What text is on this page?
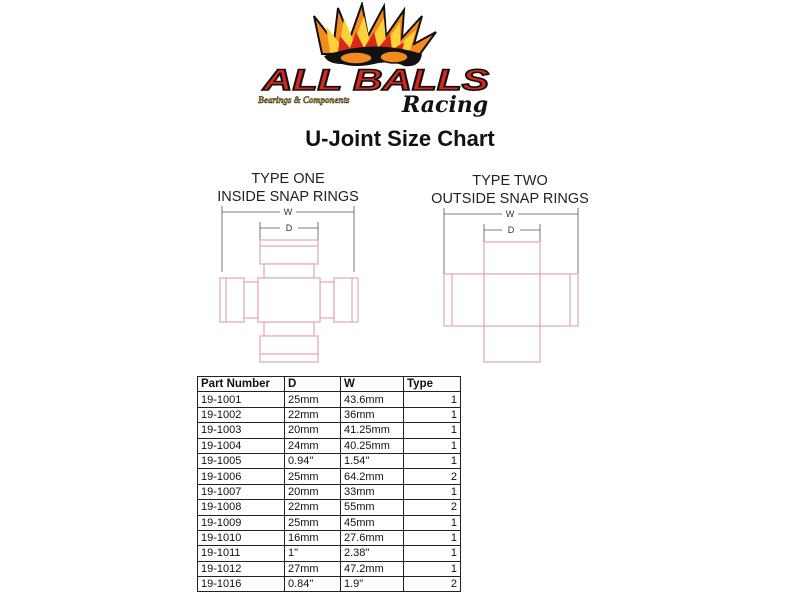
ALL BALLS
Bearings & Components Racing
U-Joint Size Chart
TYPE ONE
INSIDE SNAP RINGS
TYPE TWO
OUTSIDE SNAP RINGS
W
D
W
D
Part Number	D	W	Type
19-1001	25mm	43.6mm	1
19-1002	22mm	36mm	1
19-1003	20mm	41.25mm	1
19-1004	24mm	40.25mm	1
19-1005	0.94"	1.54"	1
19-1006	25mm	64.2mm	2
19-1007	20mm	33mm	1
19-1008	22mm	55mm	2
19-1009	25mm	45mm	1
19-1010	16mm	27.6mm	1
19-1011	1"	2.38"	1
19-1012	27mm	47.2mm	1
19-1016	0.84"	1.9"	2
